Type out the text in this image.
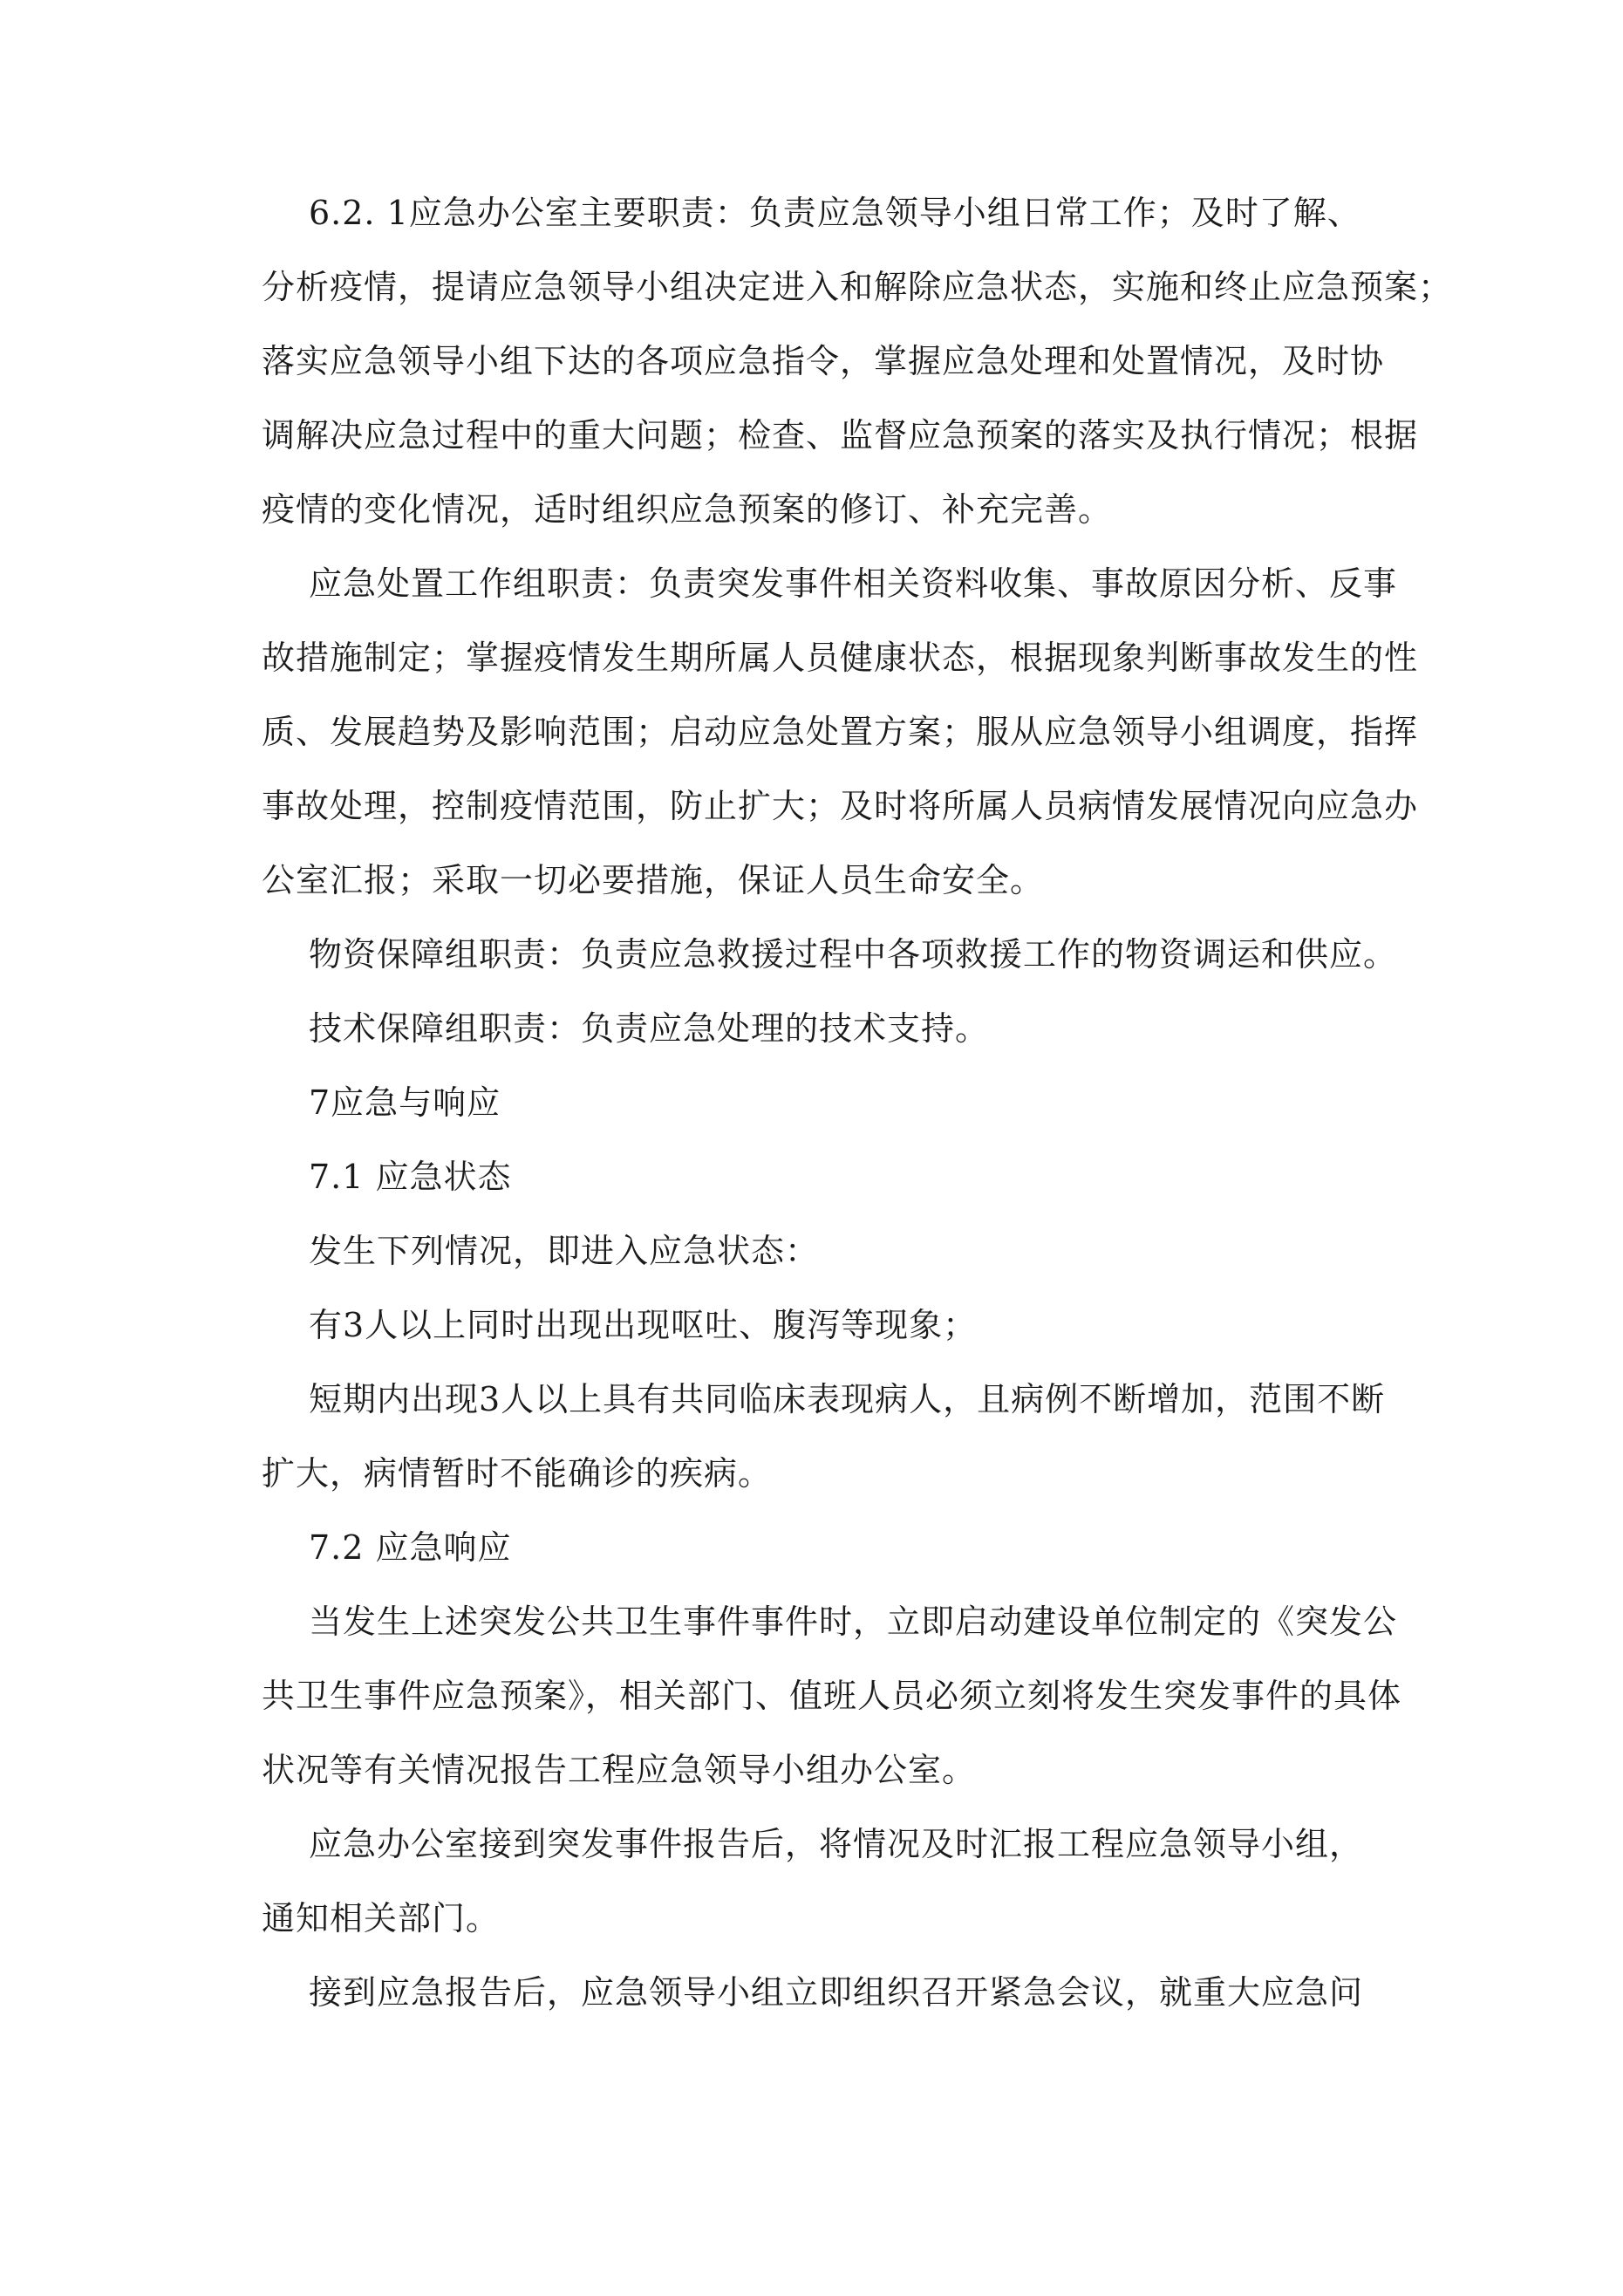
6.2. 1应急办公室主要职责：负责应急领导小组日常工作；及时了解、
分析疫情，提请应急领导小组决定进入和解除应急状态，实施和终止应急预案；
落实应急领导小组下达的各项应急指令，掌握应急处理和处置情况，及时协
调解决应急过程中的重大问题；检查、监督应急预案的落实及执行情况；根据
疫情的变化情况，适时组织应急预案的修订、补充完善。
应急处置工作组职责：负责突发事件相关资料收集、事故原因分析、反事
故措施制定；掌握疫情发生期所属人员健康状态，根据现象判断事故发生的性
质、发展趋势及影响范围；启动应急处置方案；服从应急领导小组调度，指挥
事故处理，控制疫情范围，防止扩大；及时将所属人员病情发展情况向应急办
公室汇报；采取一切必要措施，保证人员生命安全。
物资保障组职责：负责应急救援过程中各项救援工作的物资调运和供应。
技术保障组职责：负责应急处理的技术支持。
7应急与响应
7.1 应急状态
发生下列情况，即进入应急状态：
有3人以上同时出现出现呕吐、腹泻等现象；
短期内出现3人以上具有共同临床表现病人，且病例不断增加，范围不断
扩大，病情暂时不能确诊的疾病。
7.2 应急响应
当发生上述突发公共卫生事件事件时，立即启动建设单位制定的《突发公
共卫生事件应急预案》，相关部门、值班人员必须立刻将发生突发事件的具体
状况等有关情况报告工程应急领导小组办公室。
应急办公室接到突发事件报告后，将情况及时汇报工程应急领导小组，
通知相关部门。
接到应急报告后，应急领导小组立即组织召开紧急会议，就重大应急问
